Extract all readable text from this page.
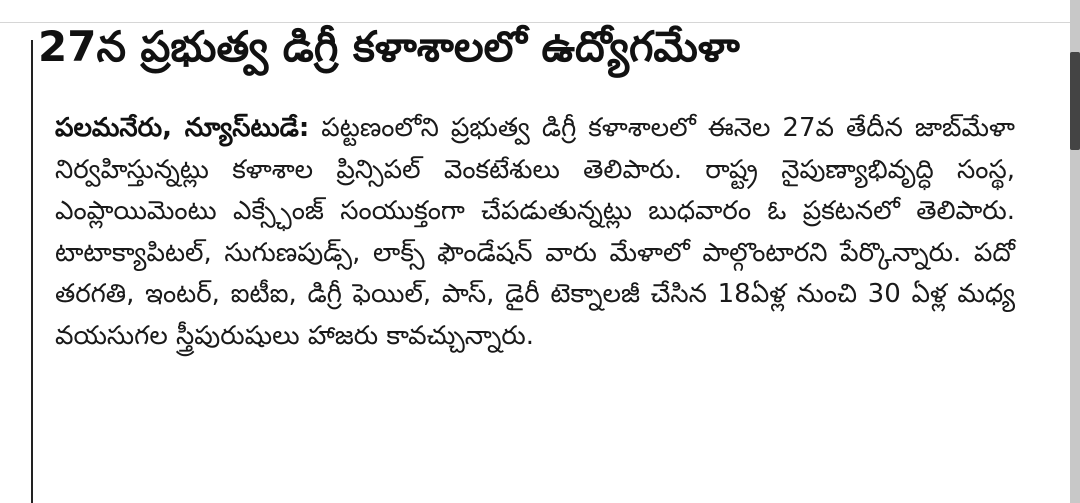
27న ప్రభుత్వ డిగ్రీ కళాశాలలో ఉద్యోగమేళా
పలమనేరు, న్యూస్‌టుడే: పట్టణంలోని ప్రభుత్వ డిగ్రీ కళాశాలలో ఈనెల 27వ తేదీన జాబ్‌మేళా నిర్వహిస్తున్నట్లు కళాశాల ప్రిన్సిపల్ వెంకటేశులు తెలిపారు. రాష్ట్ర నైపుణ్యాభివృద్ధి సంస్థ, ఎంప్లాయిమెంటు ఎక్స్ఛేంజ్ సంయుక్తంగా చేపడుతున్నట్లు బుధవారం ఓ ప్రకటనలో తెలిపారు. టాటాక్యాపిటల్, సుగుణపుడ్స్, లాక్స్ ఫౌండేషన్ వారు మేళాలో పాల్గొంటారని పేర్కొన్నారు. పదో తరగతి, ఇంటర్, ఐటీఐ, డిగ్రీ ఫెయిల్, పాస్, డైరీ టెక్నాలజీ చేసిన 18ఏళ్ల నుంచి 30 ఏళ్ల మధ్య వయసుగల స్త్రీపురుషులు హాజరు కావచ్చున్నారు.
